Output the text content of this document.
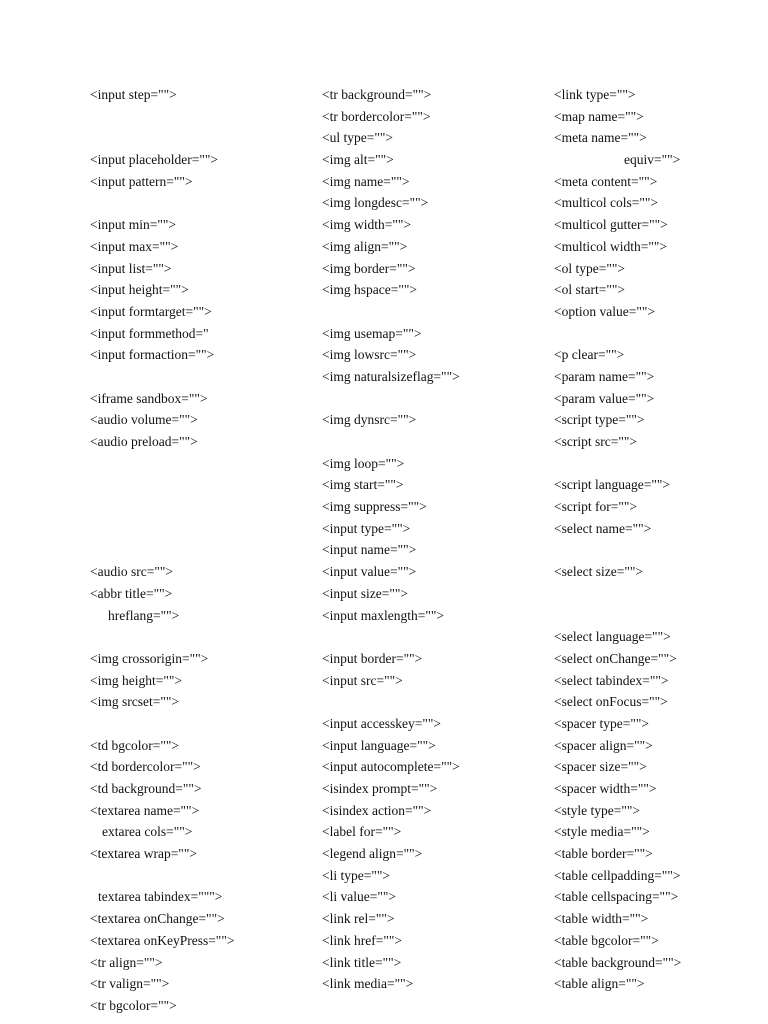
<input step="">
<input placeholder="">
<input pattern="">
<input min="">
<input max="">
<input list="">
<input height="">
<input formtarget="">
<input formmethod="
<input formaction="">
<iframe sandbox="">
<audio volume="">
<audio preload="">
<audio src="">
<abbr title="">
hreflang="">
<img crossorigin="">
<img height="">
<img srcset="">
<td bgcolor="">
<td bordercolor="">
<td background="">
<textarea name="">
extarea cols="">
<textarea wrap="">
textarea tabindex=""">
<textarea onChange="">
<textarea onKeyPress="">
<tr align="">
<tr valign="">
<tr bgcolor="">
<tr background="">
<tr bordercolor="">
<ul type="">
<img alt="">
<img name="">
<img longdesc="">
<img width="">
<img align="">
<img border="">
<img hspace="">
<img usemap="">
<img lowsrc="">
<img naturalsizeflag="">
<img dynsrc="">
<img loop="">
<img start="">
<img suppress="">
<input type="">
<input name="">
<input value="">
<input size="">
<input maxlength="">
<input border="">
<input src="">
<input accesskey="">
<input language="">
<input autocomplete="">
<isindex prompt="">
<isindex action="">
<label for="">
<legend align="">
<li type="">
<li value="">
<link rel="">
<link href="">
<link title="">
<link media="">
<link type="">
<map name="">
<meta name="">
equiv="">
<meta content="">
<multicol cols="">
<multicol gutter="">
<multicol width="">
<ol type="">
<ol start="">
<option value="">
<p clear="">
<param name="">
<param value="">
<script type="">
<script src="">
<script language="">
<script for="">
<select name="">
<select size="">
<select language="">
<select onChange="">
<select tabindex="">
<select onFocus="">
<spacer type="">
<spacer align="">
<spacer size="">
<spacer width="">
<style type="">
<style media="">
<table border="">
<table cellpadding="">
<table cellspacing="">
<table width="">
<table bgcolor="">
<table background="">
<table align="">
